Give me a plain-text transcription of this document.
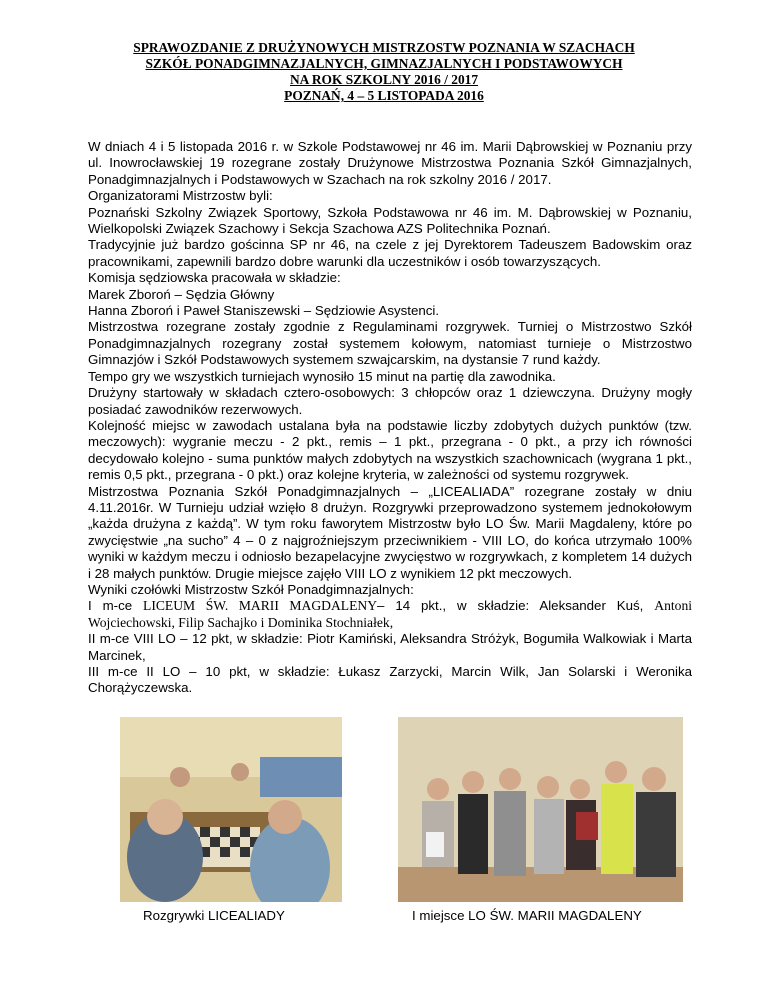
SPRAWOZDANIE Z DRUŻYNOWYCH MISTRZOSTW POZNANIA W SZACHACH
SZKÓŁ PONADGIMNAZJALNYCH, GIMNAZJALNYCH I PODSTAWOWYCH
NA ROK SZKOLNY 2016 / 2017
POZNAŃ, 4 – 5 LISTOPADA 2016

W dniach 4 i 5 listopada 2016 r. w Szkole Podstawowej nr 46 im. Marii Dąbrowskiej w Poznaniu przy ul. Inowrocławskiej 19 rozegrane zostały Drużynowe Mistrzostwa Poznania Szkół Gimnazjalnych, Ponadgimnazjalnych i Podstawowych w Szachach na rok szkolny 2016 / 2017.

Organizatorami Mistrzostw byli:

Poznański Szkolny Związek Sportowy, Szkoła Podstawowa nr 46 im. M. Dąbrowskiej w Poznaniu, Wielkopolski Związek Szachowy i Sekcja Szachowa AZS Politechnika Poznań.

Tradycyjnie już bardzo gościnna SP nr 46, na czele z jej Dyrektorem Tadeuszem Badowskim oraz pracownikami, zapewnili bardzo dobre warunki dla uczestników i osób towarzyszących.

Komisja sędziowska pracowała w składzie:

Marek Zboroń – Sędzia Główny

Hanna Zboroń i Paweł Staniszewski – Sędziowie Asystenci.

Mistrzostwa rozegrane zostały zgodnie z Regulaminami rozgrywek. Turniej o Mistrzostwo Szkół Ponadgimnazjalnych rozegrany został systemem kołowym, natomiast turnieje o Mistrzostwo Gimnazjów i Szkół Podstawowych systemem szwajcarskim, na dystansie 7 rund każdy.

Tempo gry we wszystkich turniejach wynosiło 15 minut na partię dla zawodnika.

Drużyny startowały w składach cztero-osobowych: 3 chłopców oraz 1 dziewczyna. Drużyny mogły posiadać zawodników rezerwowych.

Kolejność miejsc w zawodach ustalana była na podstawie liczby zdobytych dużych punktów (tzw. meczowych): wygranie meczu - 2 pkt., remis – 1 pkt., przegrana - 0 pkt., a przy ich równości decydowało kolejno - suma punktów małych zdobytych na wszystkich szachownicach (wygrana 1 pkt., remis 0,5 pkt., przegrana - 0 pkt.) oraz kolejne kryteria, w zależności od systemu rozgrywek.

Mistrzostwa Poznania Szkół Ponadgimnazjalnych – „LICEALIADA” rozegrane zostały w dniu 4.11.2016r. W Turnieju udział wzięło 8 drużyn. Rozgrywki przeprowadzono systemem jednokołowym „każda drużyna z każdą”. W tym roku faworytem Mistrzostw było LO Św. Marii Magdaleny, które po zwycięstwie „na sucho” 4 – 0 z najgroźniejszym przeciwnikiem - VIII LO, do końca utrzymało 100% wyniki w każdym meczu i odniosło bezapelacyjne zwycięstwo w rozgrywkach, z kompletem 14 dużych i 28 małych punktów. Drugie miejsce zajęło VIII LO z wynikiem 12 pkt meczowych.

Wyniki czołówki Mistrzostw Szkół Ponadgimnazjalnych:

I m-ce LICEUM ŚW. MARII MAGDALENY– 14 pkt., w składzie: Aleksander Kuś, Antoni Wojciechowski, Filip Sachajko i Dominika Stochniałek,

II m-ce VIII LO – 12 pkt, w składzie: Piotr Kamiński, Aleksandra Stróżyk, Bogumiła Walkowiak i Marta Marcinek,

III m-ce II LO – 10 pkt, w składzie: Łukasz Zarzycki, Marcin Wilk, Jan Solarski i Weronika Chorążyczewska.

Rozgrywki LICEALIADY	I miejsce LO ŚW. MARII MAGDALENY
